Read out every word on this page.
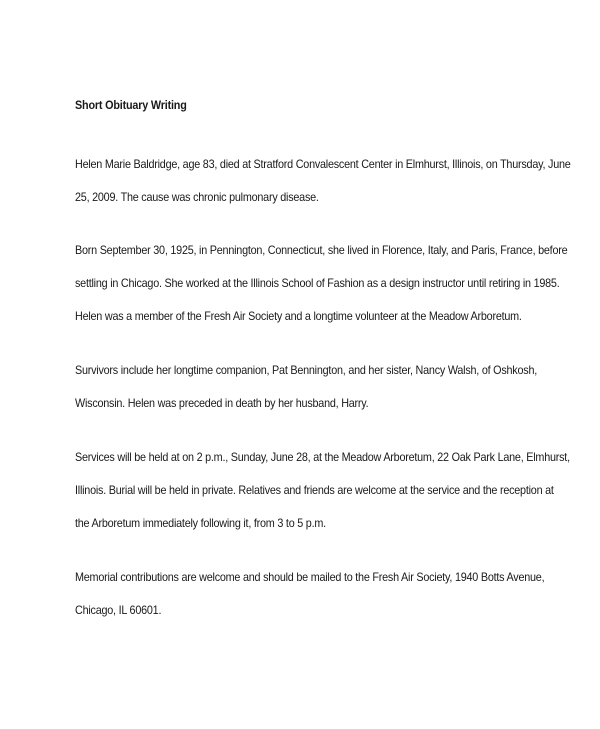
Short Obituary Writing

Helen Marie Baldridge, age 83, died at Stratford Convalescent Center in Elmhurst, Illinois, on Thursday, June
25, 2009. The cause was chronic pulmonary disease.

Born September 30, 1925, in Pennington, Connecticut, she lived in Florence, Italy, and Paris, France, before
settling in Chicago. She worked at the Illinois School of Fashion as a design instructor until retiring in 1985.
Helen was a member of the Fresh Air Society and a longtime volunteer at the Meadow Arboretum.

Survivors include her longtime companion, Pat Bennington, and her sister, Nancy Walsh, of Oshkosh,
Wisconsin. Helen was preceded in death by her husband, Harry.

Services will be held at on 2 p.m., Sunday, June 28, at the Meadow Arboretum, 22 Oak Park Lane, Elmhurst,
Illinois. Burial will be held in private. Relatives and friends are welcome at the service and the reception at
the Arboretum immediately following it, from 3 to 5 p.m.

Memorial contributions are welcome and should be mailed to the Fresh Air Society, 1940 Botts Avenue,
Chicago, IL 60601.
